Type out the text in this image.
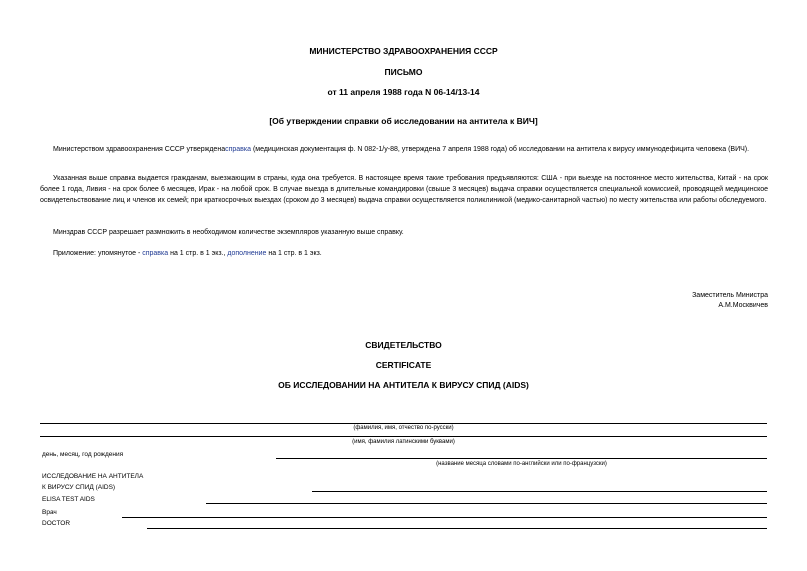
МИНИСТЕРСТВО ЗДРАВООХРАНЕНИЯ СССР
ПИСЬМО
от 11 апреля 1988 года N 06-14/13-14
[Об утверждении справки об исследовании на антитела к ВИЧ]
Министерством здравоохранения СССР утвержденасправка (медицинская документация ф. N 082-1/у-88, утверждена 7 апреля 1988 года) об исследовании на антитела к вирусу иммунодефицита человека (ВИЧ).
Указанная выше справка выдается гражданам, выезжающим в страны, куда она требуется. В настоящее время такие требования предъявляются: США - при выезде на постоянное место жительства, Китай - на срок более 1 года, Ливия - на срок более 6 месяцев, Ирак - на любой срок. В случае выезда в длительные командировки (свыше 3 месяцев) выдача справки осуществляется специальной комиссией, проводящей медицинское освидетельствование лиц и членов их семей; при краткосрочных выездах (сроком до 3 месяцев) выдача справки осуществляется поликлиникой (медико-санитарной частью) по месту жительства или работы обследуемого.
Минздрав СССР разрешает размножить в необходимом количестве экземпляров указанную выше справку.
Приложение: упомянутое - справка на 1 стр. в 1 экз., дополнение на 1 стр. в 1 экз.
Заместитель Министра
А.М.Москвичев
СВИДЕТЕЛЬСТВО
CERTIFICATE
ОБ ИССЛЕДОВАНИИ НА АНТИТЕЛА К ВИРУСУ СПИД (AIDS)
(фамилия, имя, отчество по-русски)
(имя, фамилия латинскими буквами)
день, месяц, год рождения
(название месяца словами по-английски или по-французски)
ИССЛЕДОВАНИЕ НА АНТИТЕЛА
К ВИРУСУ СПИД (AIDS)
ELISA TEST AIDS
Врач
DOCTOR
